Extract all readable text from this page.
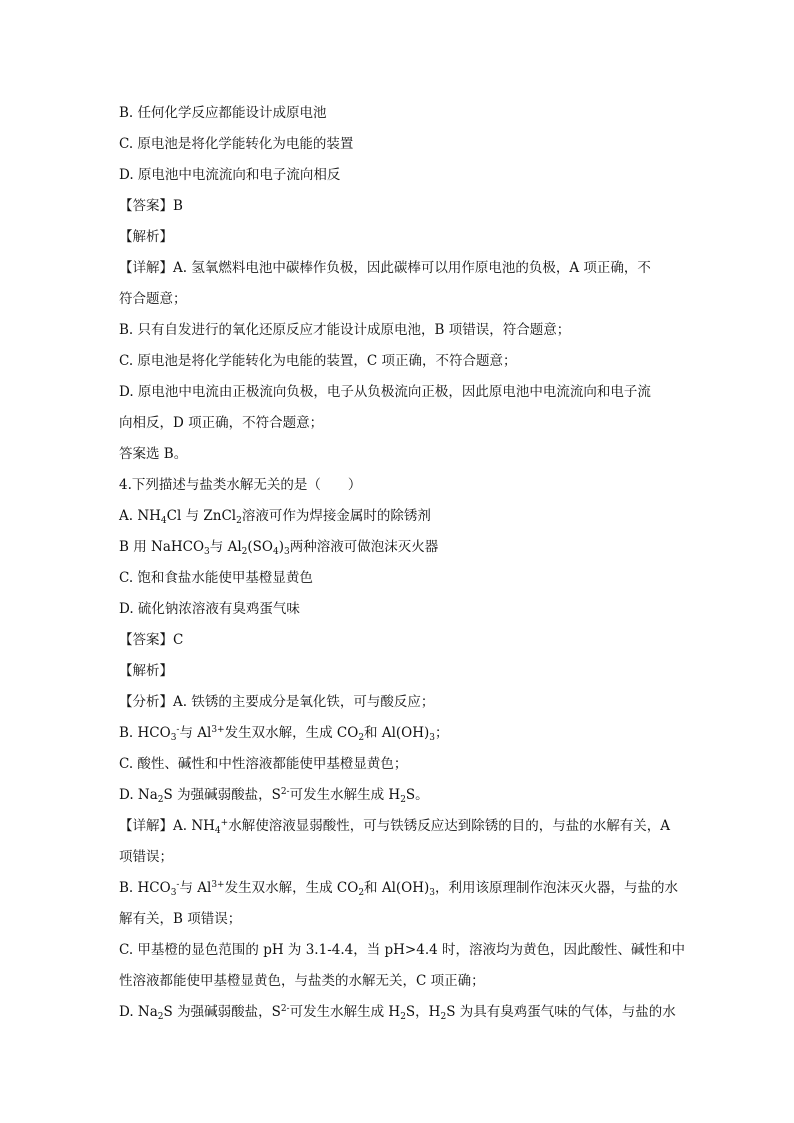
B. 任何化学反应都能设计成原电池
C. 原电池是将化学能转化为电能的装置
D. 原电池中电流流向和电子流向相反
【答案】B
【解析】
【详解】A. 氢氧燃料电池中碳棒作负极，因此碳棒可以用作原电池的负极，A 项正确，不
符合题意；
B. 只有自发进行的氧化还原反应才能设计成原电池，B 项错误，符合题意；
C. 原电池是将化学能转化为电能的装置，C 项正确，不符合题意；
D. 原电池中电流由正极流向负极，电子从负极流向正极，因此原电池中电流流向和电子流
向相反，D 项正确，不符合题意；
答案选 B。
4.下列描述与盐类水解无关的是（　　）
A. $NH_4Cl$ 与 ZnCl$_2$溶液可作为焊接金属时的除锈剂
B 用 NaHCO$_3$与 $Al_2(SO_4)_3$两种溶液可做泡沫灭火器
C. 饱和食盐水能使甲基橙显黄色
D. 硫化钠浓溶液有臭鸡蛋气味
【答案】C
【解析】
【分析】A. 铁锈的主要成分是氧化铁，可与酸反应；
B. $HCO_3^-$与 $Al^{3+}$发生双水解，生成 $CO_2$和 $Al(OH)_3$；
C. 酸性、碱性和中性溶液都能使甲基橙显黄色；
D. $Na_2S$ 为强碱弱酸盐，$S^{2-}$可发生水解生成 $H_2S$。
【详解】A. $NH_4^+$水解使溶液显弱酸性，可与铁锈反应达到除锈的目的，与盐的水解有关，A
项错误；
B. $HCO_3^-$与 $Al^{3+}$发生双水解，生成 $CO_2$和 $Al(OH)_3$，利用该原理制作泡沫灭火器，与盐的水
解有关，B 项错误；
C. 甲基橙的显色范围的 pH 为 3.1-4.4，当 pH>4.4 时，溶液均为黄色，因此酸性、碱性和中
性溶液都能使甲基橙显黄色，与盐类的水解无关，C 项正确；
D. $Na_2S$ 为强碱弱酸盐，$S^{2-}$可发生水解生成 $H_2S$，$H_2S$ 为具有臭鸡蛋气味的气体，与盐的水
